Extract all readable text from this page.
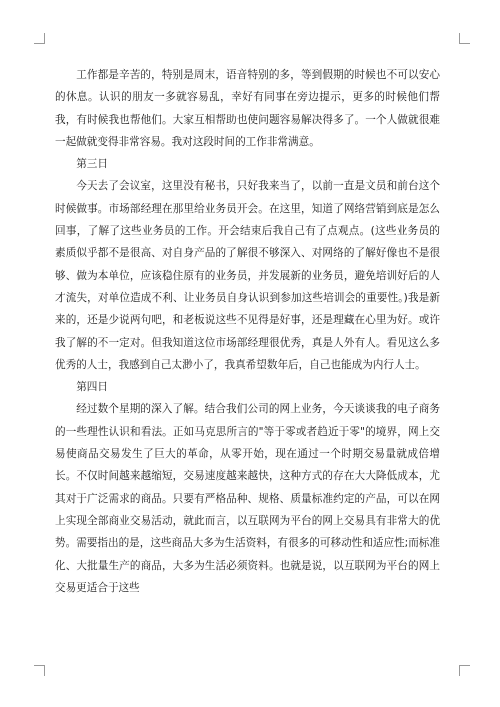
工作都是辛苦的，特别是周末，语音特别的多，等到假期的时候也不可以安心的休息。认识的朋友一多就容易乱，幸好有同事在旁边提示，更多的时候他们帮我，有时候我也帮他们。大家互相帮助也使问题容易解决得多了。一个人做就很难一起做就变得非常容易。我对这段时间的工作非常满意。

第三日

今天去了会议室，这里没有秘书，只好我来当了，以前一直是文员和前台这个时候做事。市场部经理在那里给业务员开会。在这里，知道了网络营销到底是怎么回事，了解了这些业务员的工作。开会结束后我自己有了点观点。(这些业务员的素质似乎都不是很高、对自身产品的了解很不够深入、对网络的了解好像也不是很够、做为本单位，应该稳住原有的业务员，并发展新的业务员，避免培训好后的人才流失，对单位造成不利、让业务员自身认识到参加这些培训会的重要性。)我是新来的，还是少说两句吧，和老板说这些不见得是好事，还是理藏在心里为好。或许我了解的不一定对。但我知道这位市场部经理很优秀，真是人外有人。看见这么多优秀的人士，我感到自己太渺小了，我真希望数年后，自己也能成为内行人士。

第四日

经过数个星期的深入了解。结合我们公司的网上业务，今天谈谈我的电子商务的一些理性认识和看法。正如马克思所言的"等于零或者趋近于零"的境界，网上交易使商品交易发生了巨大的革命，从零开始，现在通过一个时期交易量就成倍增长。不仅时间越来越缩短，交易速度越来越快，这种方式的存在大大降低成本，尤其对于广泛需求的商品。只要有严格品种、规格、质量标准约定的产品，可以在网上实现全部商业交易活动，就此而言，以互联网为平台的网上交易具有非常大的优势。需要指出的是，这些商品大多为生活资料，有很多的可移动性和适应性;而标准化、大批量生产的商品，大多为生活必须资料。也就是说，以互联网为平台的网上交易更适合于这些
